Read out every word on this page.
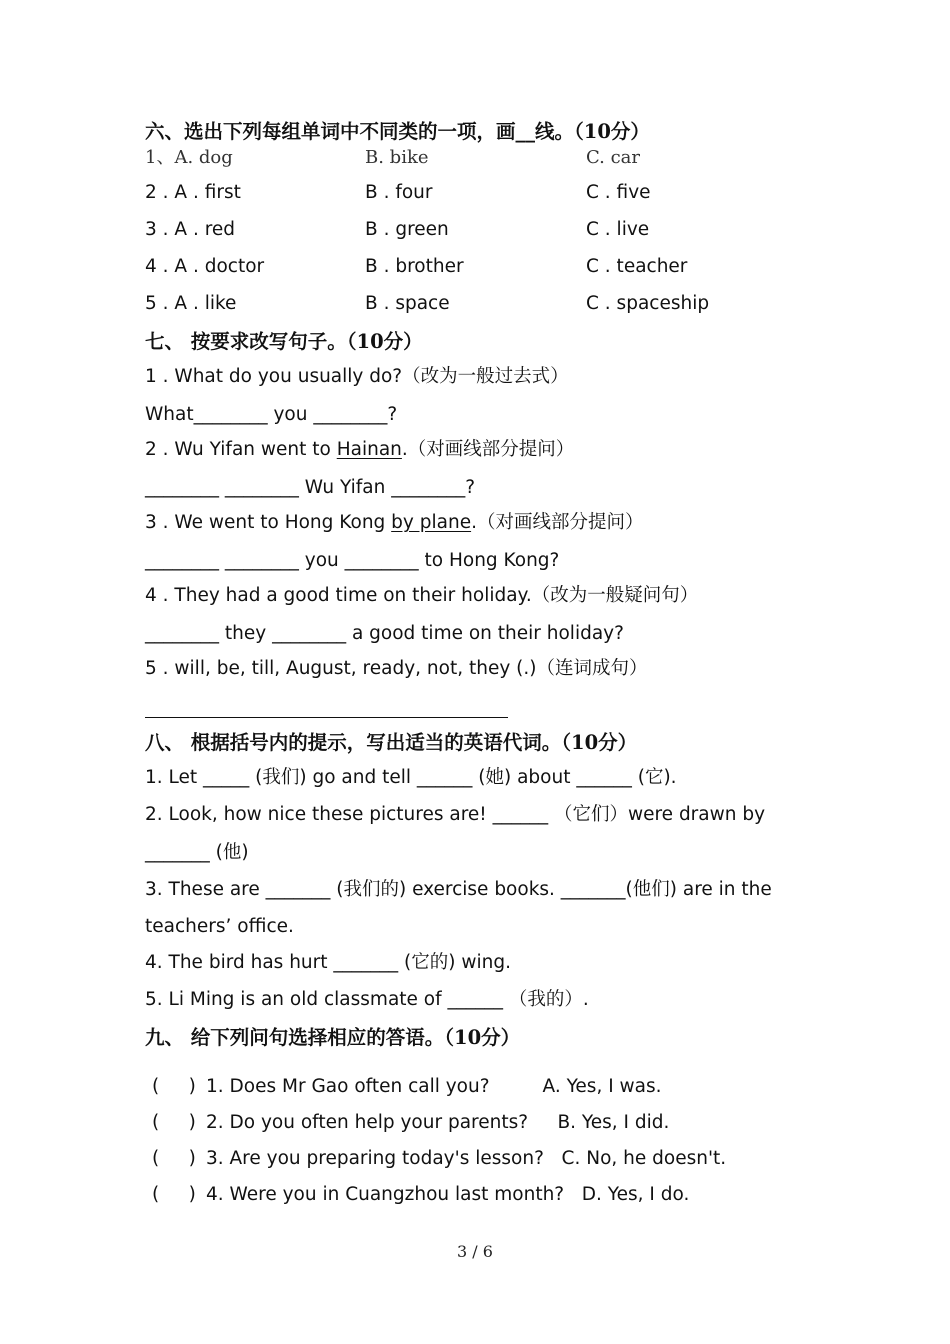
六、选出下列每组单词中不同类的一项，画__线。（10分）
1、A. dog	B. bike	C. car
2 . A . first	B . four	C . five
3 . A . red	B . green	C . live
4 . A . doctor	B . brother	C . teacher
5 . A . like	B . space	C . spaceship
七、 按要求改写句子。（10分）
1 . What do you usually do?（改为一般过去式）
What________ you ________?
2 . Wu Yifan went to Hainan.（对画线部分提问）
________ ________ Wu Yifan ________?
3 . We went to Hong Kong by plane.（对画线部分提问）
________ ________ you ________ to Hong Kong?
4 . They had a good time on their holiday.（改为一般疑问句）
________ they ________ a good time on their holiday?
5 . will, be, till, August, ready, not, they (.)（连词成句）
八、 根据括号内的提示，写出适当的英语代词。（10分）
1. Let _____ (我们) go and tell ______ (她) about ______ (它).
2. Look, how nice these pictures are! ______ （它们）were drawn by
_______ (他)
3. These are _______ (我们的) exercise books. _______(他们) are in the
teachers’ office.
4. The bird has hurt _______ (它的) wing.
5. Li Ming is an old classmate of ______ （我的）.
九、 给下列问句选择相应的答语。（10分）
(     ) 1. Does Mr Gao often call you?	A. Yes, I was.
(     ) 2. Do you often help your parents? B. Yes, I did.
(     ) 3. Are you preparing today's lesson? C. No, he doesn't.
(     ) 4. Were you in Cuangzhou last month? D. Yes, I do.
3 / 6
